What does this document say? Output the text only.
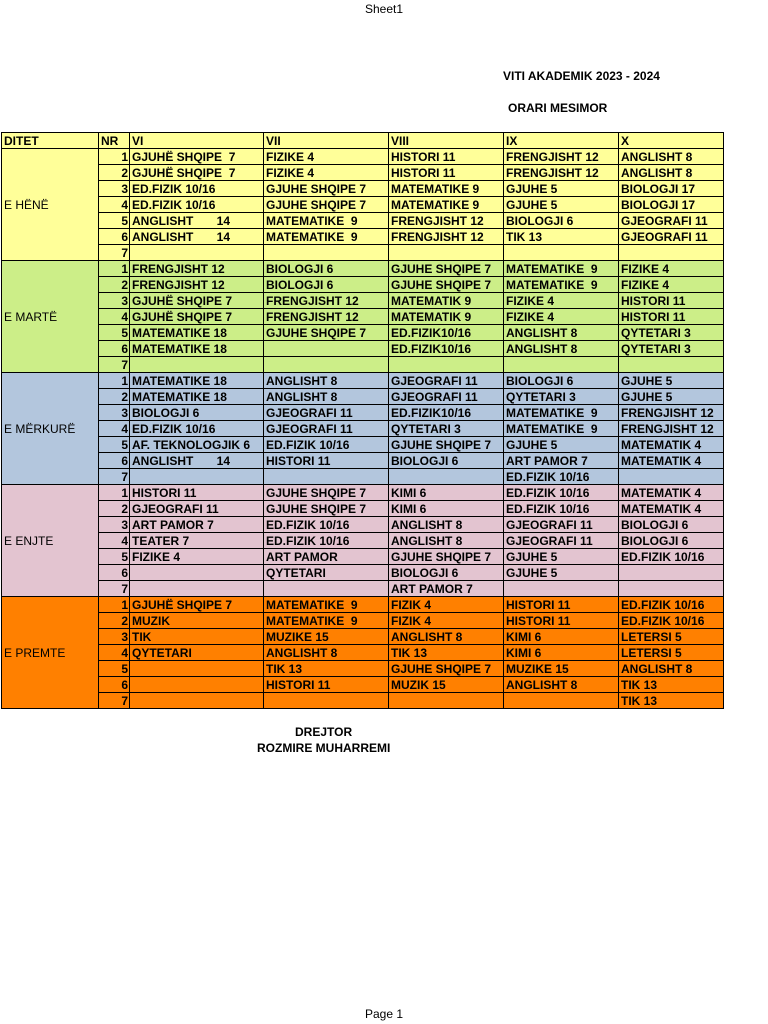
Sheet1
VITI AKADEMIK 2023 - 2024
ORARI MESIMOR
DITET	NR	VI	VII	VIII	IX	X
E HËNË	1	GJUHË SHQIPE  7	FIZIKE 4	HISTORI 11	FRENGJISHT 12	ANGLISHT 8
	2	GJUHË SHQIPE  7	FIZIKE 4	HISTORI 11	FRENGJISHT 12	ANGLISHT 8
	3	ED.FIZIK 10/16	GJUHE SHQIPE 7	MATEMATIKE 9	GJUHE 5	BIOLOGJI 17
	4	ED.FIZIK 10/16	GJUHE SHQIPE 7	MATEMATIKE 9	GJUHE 5	BIOLOGJI 17
	5	ANGLISHT       14	MATEMATIKE  9	FRENGJISHT 12	BIOLOGJI 6	GJEOGRAFI 11
	6	ANGLISHT       14	MATEMATIKE  9	FRENGJISHT 12	TIK 13	GJEOGRAFI 11
	7					
E MARTË	1	FRENGJISHT 12	BIOLOGJI 6	GJUHE SHQIPE 7	MATEMATIKE  9	FIZIKE 4
	2	FRENGJISHT 12	BIOLOGJI 6	GJUHE SHQIPE 7	MATEMATIKE  9	FIZIKE 4
	3	GJUHË SHQIPE 7	FRENGJISHT 12	MATEMATIK 9	FIZIKE 4	HISTORI 11
	4	GJUHË SHQIPE 7	FRENGJISHT 12	MATEMATIK 9	FIZIKE 4	HISTORI 11
	5	MATEMATIKE 18	GJUHE SHQIPE 7	ED.FIZIK10/16	ANGLISHT 8	QYTETARI 3
	6	MATEMATIKE 18		ED.FIZIK10/16	ANGLISHT 8	QYTETARI 3
	7					
E MËRKURË	1	MATEMATIKE 18	ANGLISHT 8	GJEOGRAFI 11	BIOLOGJI 6	GJUHE 5
	2	MATEMATIKE 18	ANGLISHT 8	GJEOGRAFI 11	QYTETARI 3	GJUHE 5
	3	BIOLOGJI 6	GJEOGRAFI 11	ED.FIZIK10/16	MATEMATIKE  9	FRENGJISHT 12
	4	ED.FIZIK 10/16	GJEOGRAFI 11	QYTETARI 3	MATEMATIKE  9	FRENGJISHT 12
	5	AF. TEKNOLOGJIK 6	ED.FIZIK 10/16	GJUHE SHQIPE 7	GJUHE 5	MATEMATIK 4
	6	ANGLISHT       14	HISTORI 11	BIOLOGJI 6	ART PAMOR 7	MATEMATIK 4
	7				ED.FIZIK 10/16	
E ENJTE	1	HISTORI 11	GJUHE SHQIPE 7	KIMI 6	ED.FIZIK 10/16	MATEMATIK 4
	2	GJEOGRAFI 11	GJUHE SHQIPE 7	KIMI 6	ED.FIZIK 10/16	MATEMATIK 4
	3	ART PAMOR 7	ED.FIZIK 10/16	ANGLISHT 8	GJEOGRAFI 11	BIOLOGJI 6
	4	TEATER 7	ED.FIZIK 10/16	ANGLISHT 8	GJEOGRAFI 11	BIOLOGJI 6
	5	FIZIKE 4	ART PAMOR	GJUHE SHQIPE 7	GJUHE 5	ED.FIZIK 10/16
	6		QYTETARI	BIOLOGJI 6	GJUHE 5	
	7			ART PAMOR 7		
E PREMTE	1	GJUHË SHQIPE 7	MATEMATIKE  9	FIZIK 4	HISTORI 11	ED.FIZIK 10/16
	2	MUZIK	MATEMATIKE  9	FIZIK 4	HISTORI 11	ED.FIZIK 10/16
	3	TIK	MUZIKE 15	ANGLISHT 8	KIMI 6	LETERSI 5
	4	QYTETARI	ANGLISHT 8	TIK 13	KIMI 6	LETERSI 5
	5		TIK 13	GJUHE SHQIPE 7	MUZIKE 15	ANGLISHT 8
	6		HISTORI 11	MUZIK 15	ANGLISHT 8	TIK 13
	7					TIK 13
DREJTOR
ROZMIRE MUHARREMI
Page 1
